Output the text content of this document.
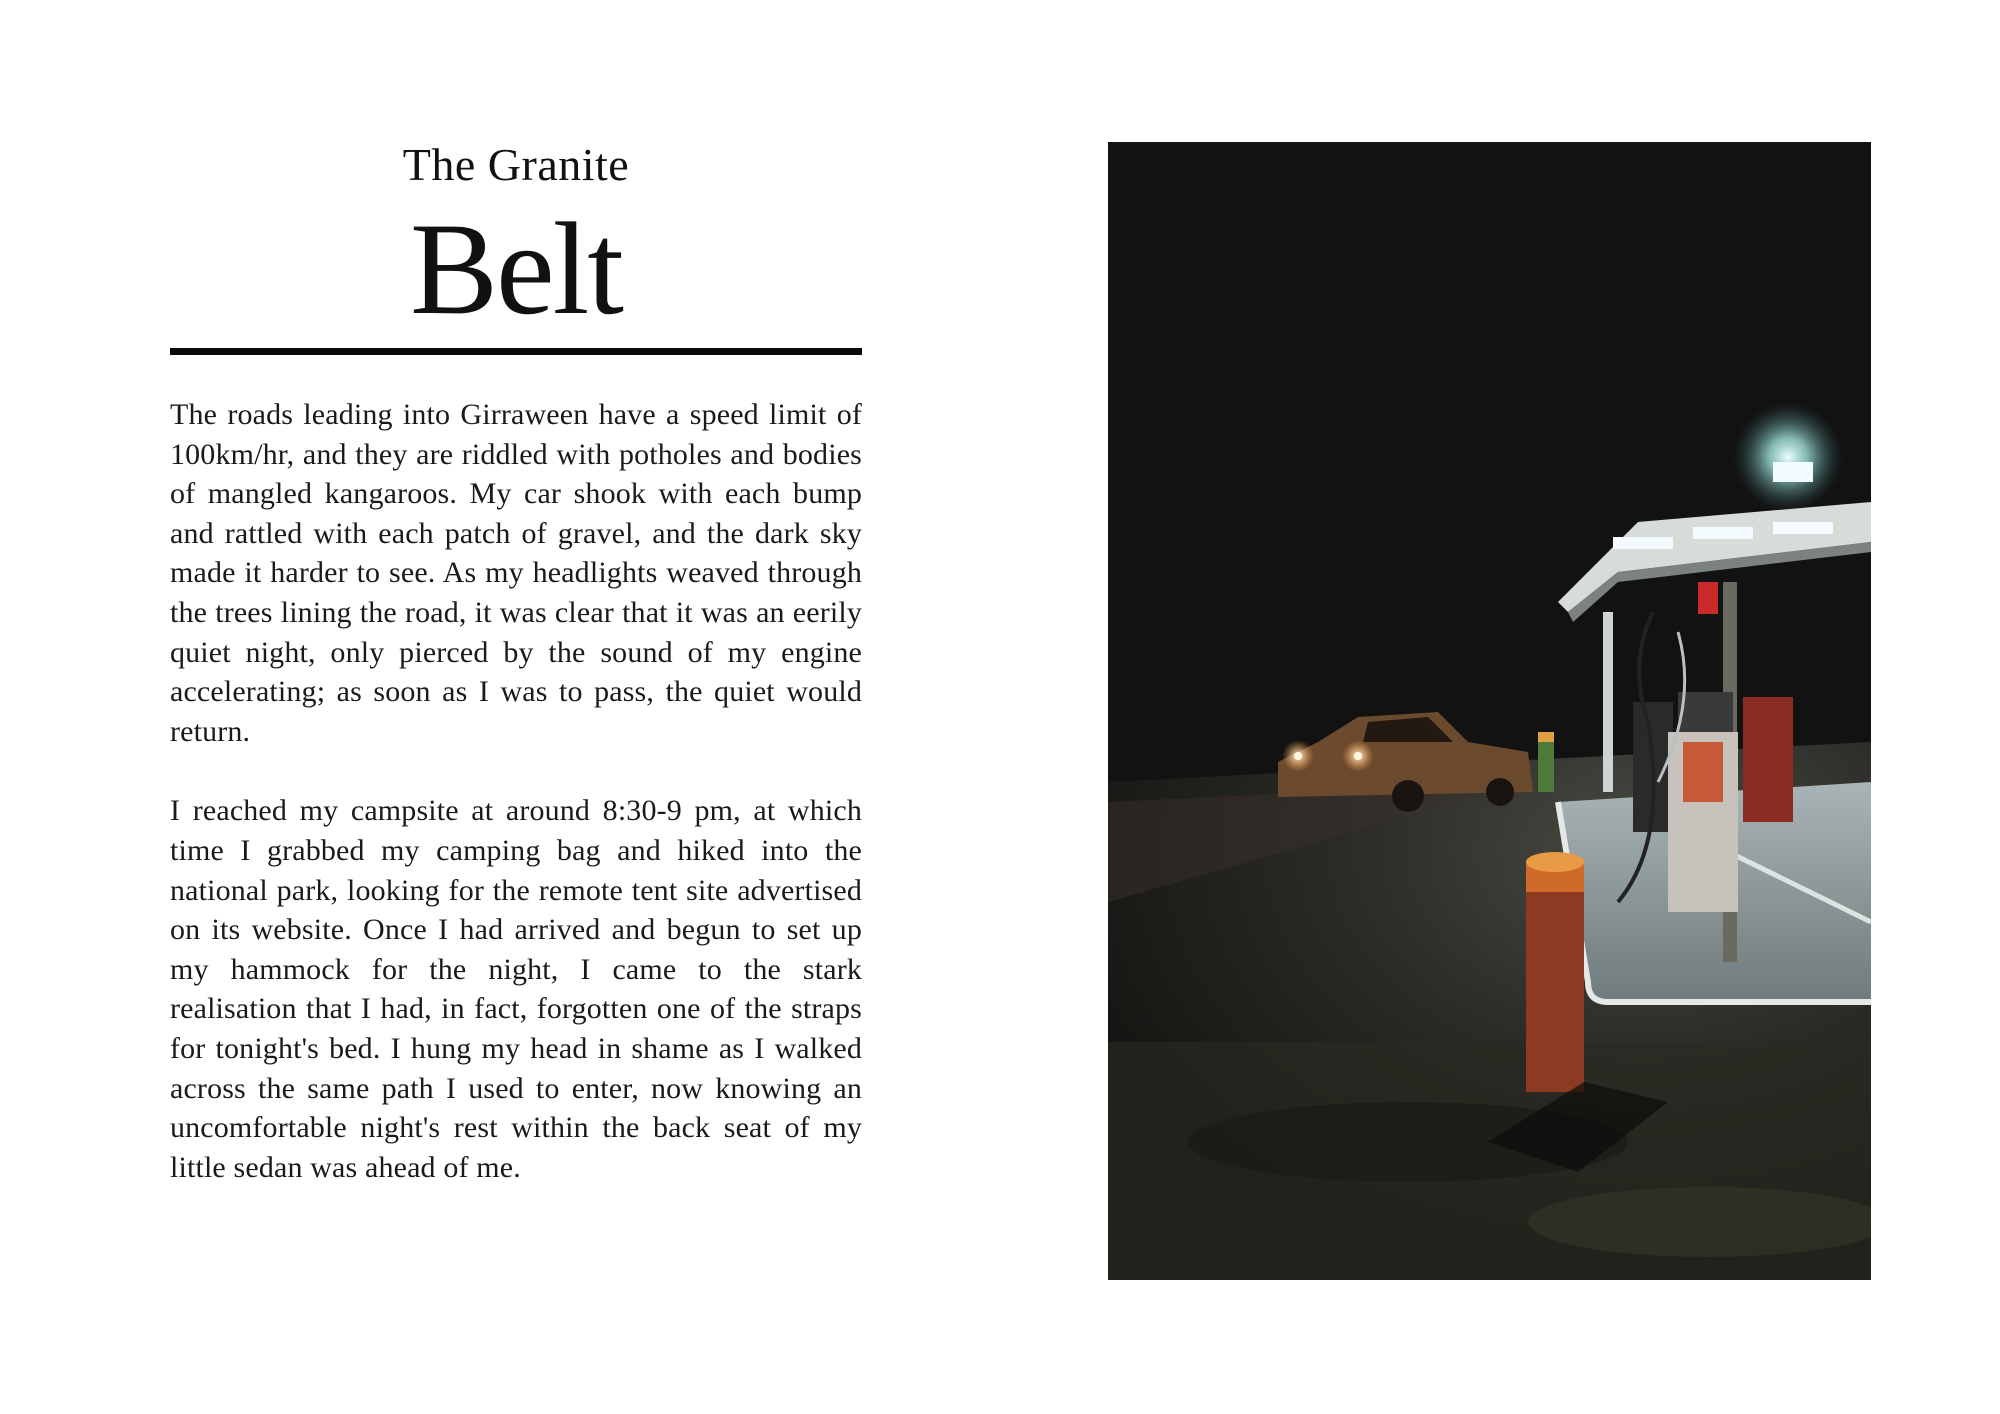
The Granite
Belt

The roads leading into Girraween have a speed limit of 100km/hr, and they are riddled with potholes and bodies of mangled kangaroos. My car shook with each bump and rattled with each patch of gravel, and the dark sky made it harder to see. As my headlights weaved through the trees lining the road, it was clear that it was an eerily quiet night, only pierced by the sound of my engine accelerating; as soon as I was to pass, the quiet would return.

I reached my campsite at around 8:30-9 pm, at which time I grabbed my camping bag and hiked into the national park, looking for the remote tent site advertised on its website. Once I had arrived and begun to set up my hammock for the night, I came to the stark realisation that I had, in fact, forgotten one of the straps for tonight's bed. I hung my head in shame as I walked across the same path I used to enter, now knowing an uncomfortable night's rest within the back seat of my little sedan was ahead of me.
